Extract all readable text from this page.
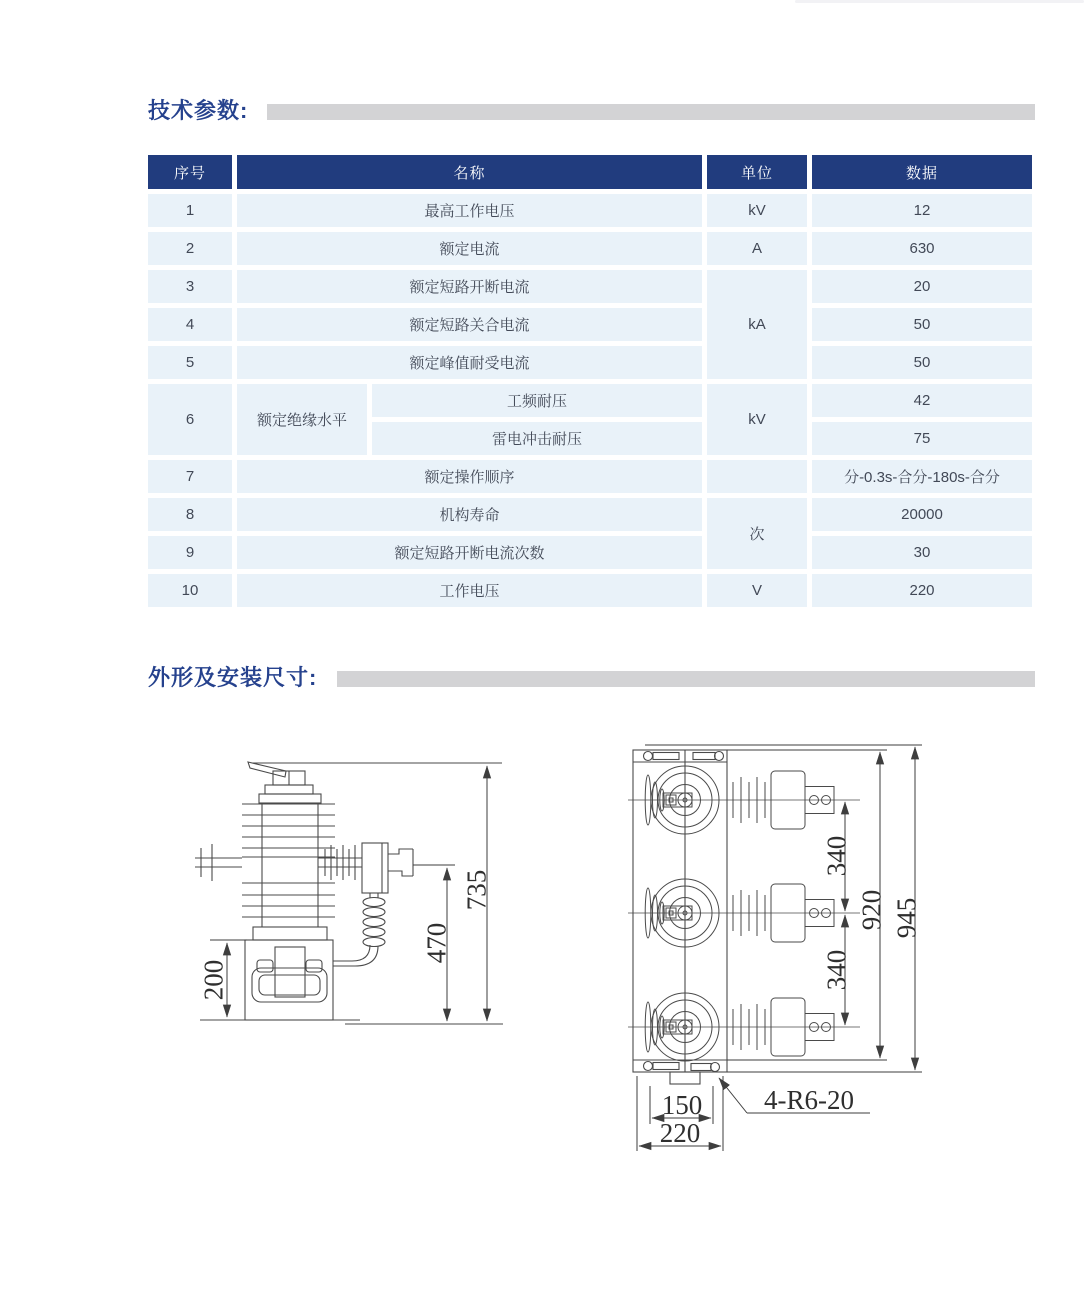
技术参数:
序号	名称		单位	数据
1	最高工作电压		kV	12
2	额定电流		A	630
3	额定短路开断电流		kA	20
4	额定短路关合电流			50
5	额定峰值耐受电流			50
6	额定绝缘水平	工频耐压	kV	42
		雷电冲击耐压		75
7	额定操作顺序			分-0.3s-合分-180s-合分
8	机构寿命		次	20000
9	额定短路开断电流次数			30
10	工作电压		V	220
外形及安装尺寸:
200
470
735
340
340
920 945
150
220
4-R6-20
